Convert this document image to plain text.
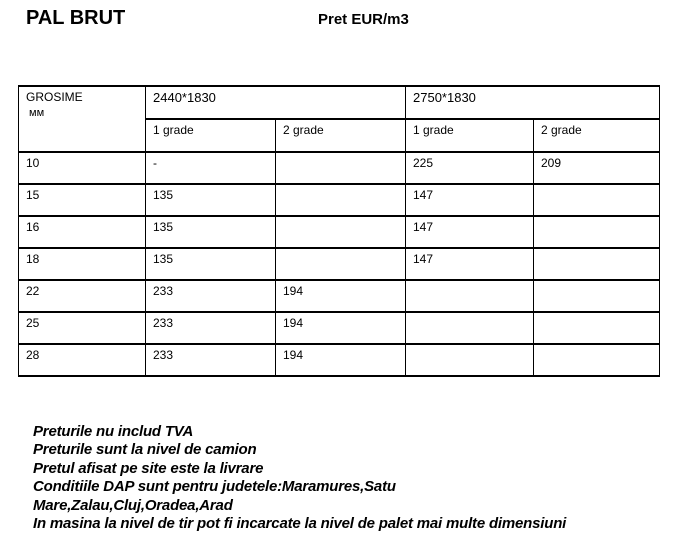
PAL BRUT	Pret EUR/m3
GROSIME
мм	2440*1830		2750*1830	
	1 grade	2 grade	1 grade	2 grade
10	-		225	209
15	135		147	
16	135		147	
18	135		147	
22	233	194		
25	233	194		
28	233	194		
Preturile nu includ TVA
Preturile sunt la nivel de camion
Pretul afisat pe site este la livrare
Conditiile DAP sunt pentru judetele:Maramures,Satu
Mare,Zalau,Cluj,Oradea,Arad
In masina la nivel de tir pot fi incarcate la nivel de palet mai multe dimensiuni
